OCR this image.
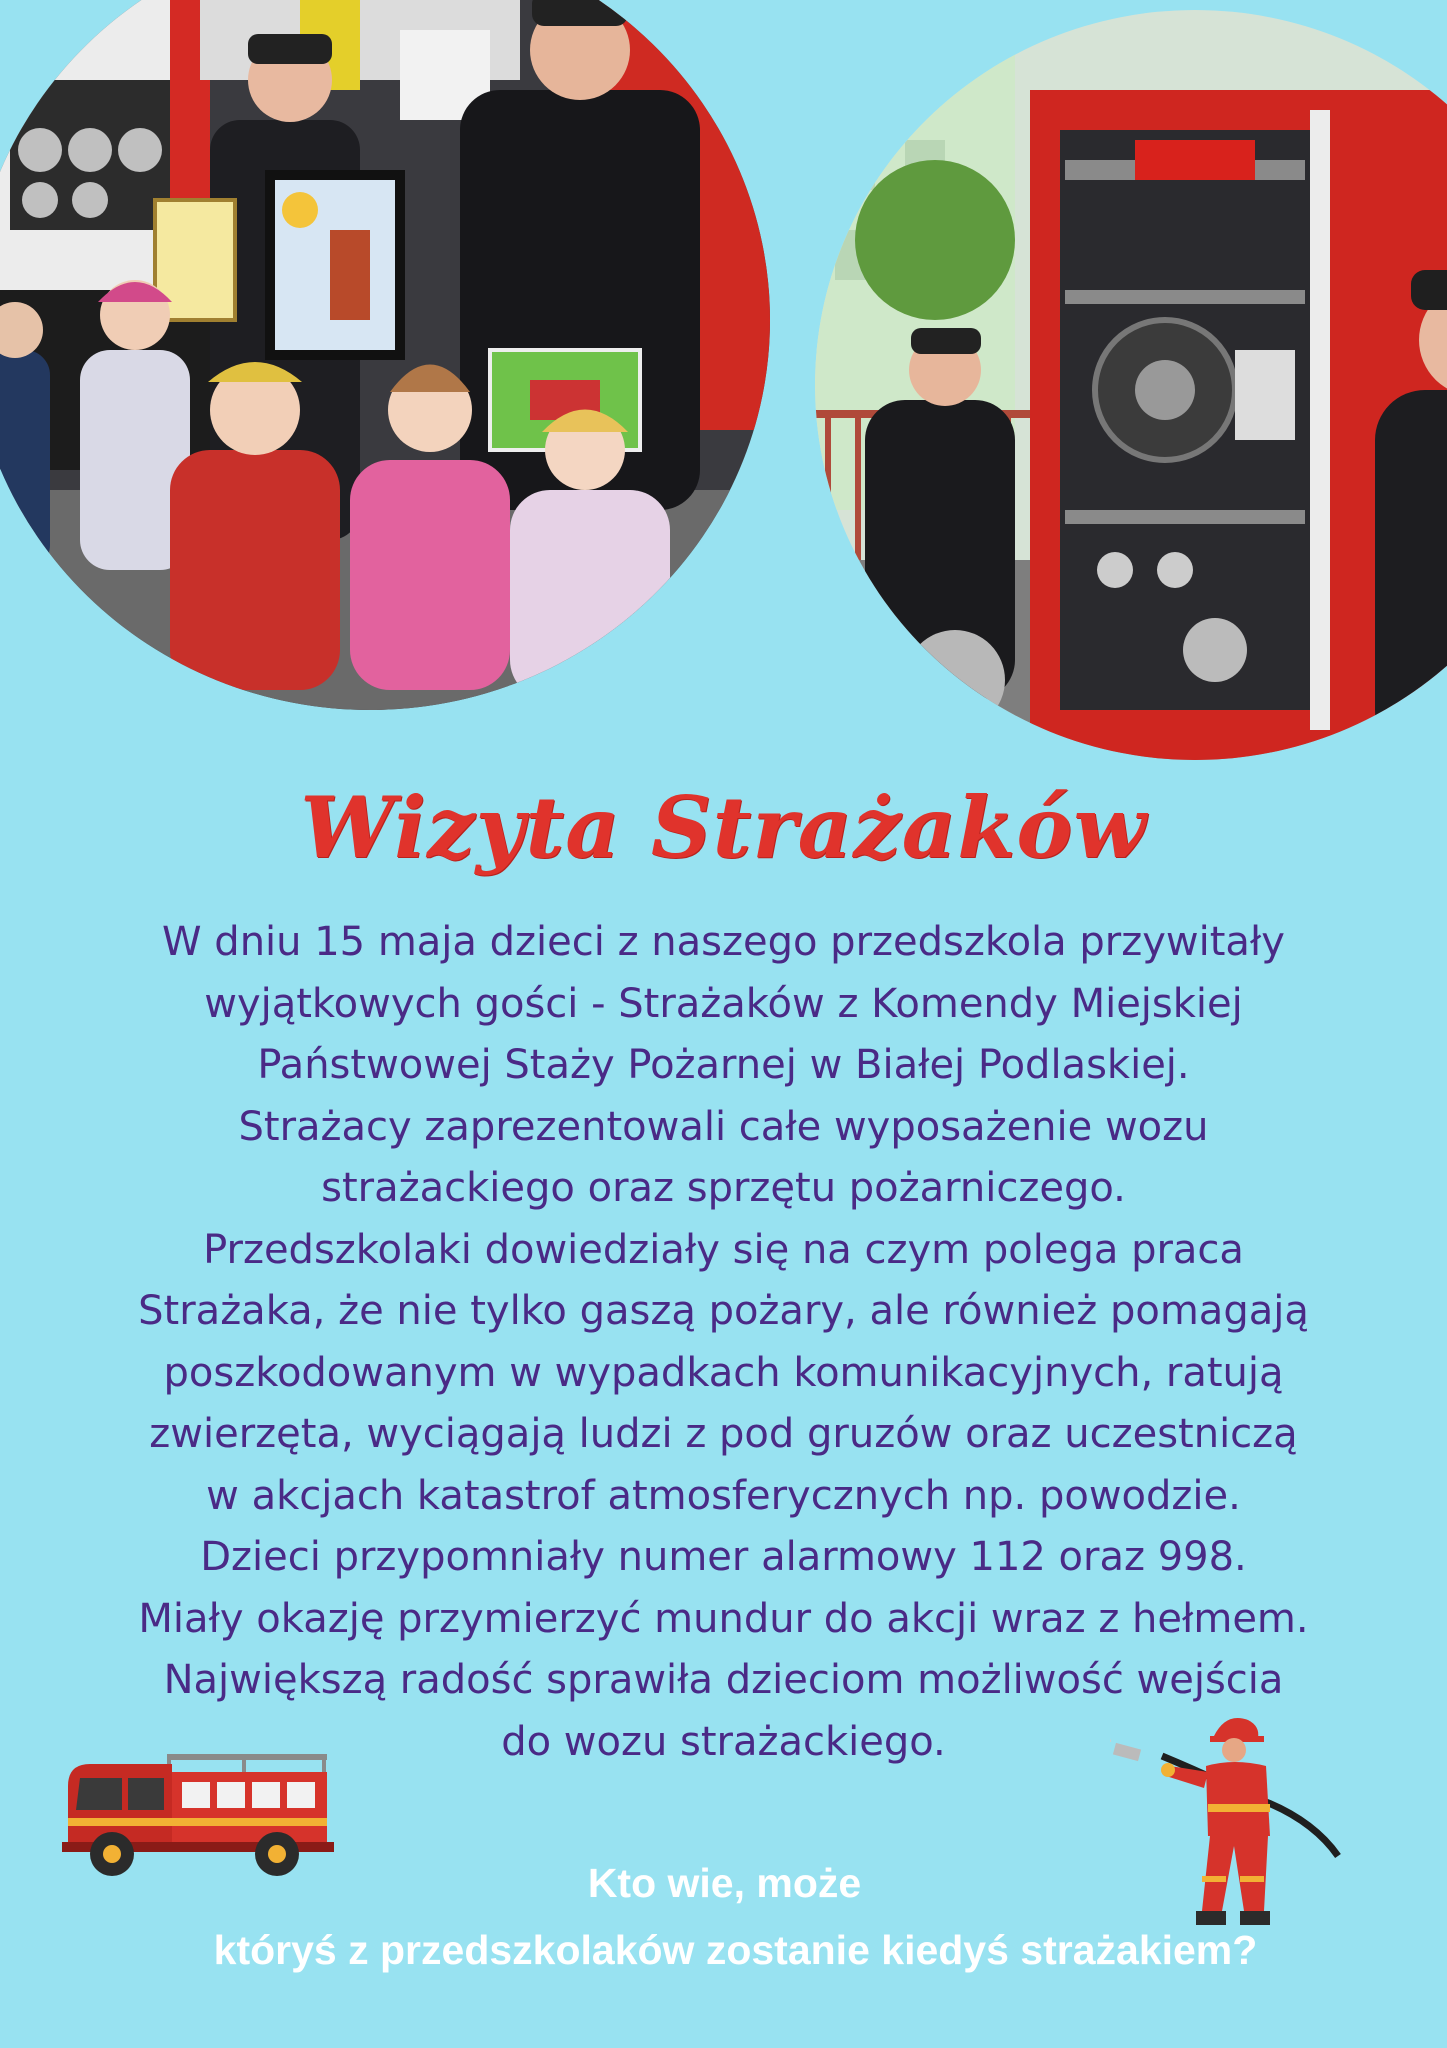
Wizyta Strażaków
W dniu 15 maja dzieci z naszego przedszkola przywitały
wyjątkowych gości - Strażaków z Komendy Miejskiej
Państwowej Staży Pożarnej w Białej Podlaskiej.
Strażacy zaprezentowali całe wyposażenie wozu
strażackiego oraz sprzętu pożarniczego.
Przedszkolaki dowiedziały się na czym polega praca
Strażaka, że nie tylko gaszą pożary, ale również pomagają
poszkodowanym w wypadkach komunikacyjnych, ratują
zwierzęta, wyciągają ludzi z pod gruzów oraz uczestniczą
w akcjach katastrof atmosferycznych np. powodzie.
Dzieci przypomniały numer alarmowy 112 oraz 998.
Miały okazję przymierzyć mundur do akcji wraz z hełmem.
Największą radość sprawiła dzieciom możliwość wejścia
do wozu strażackiego.
Kto wie, może
któryś z przedszkolaków zostanie kiedyś strażakiem?
